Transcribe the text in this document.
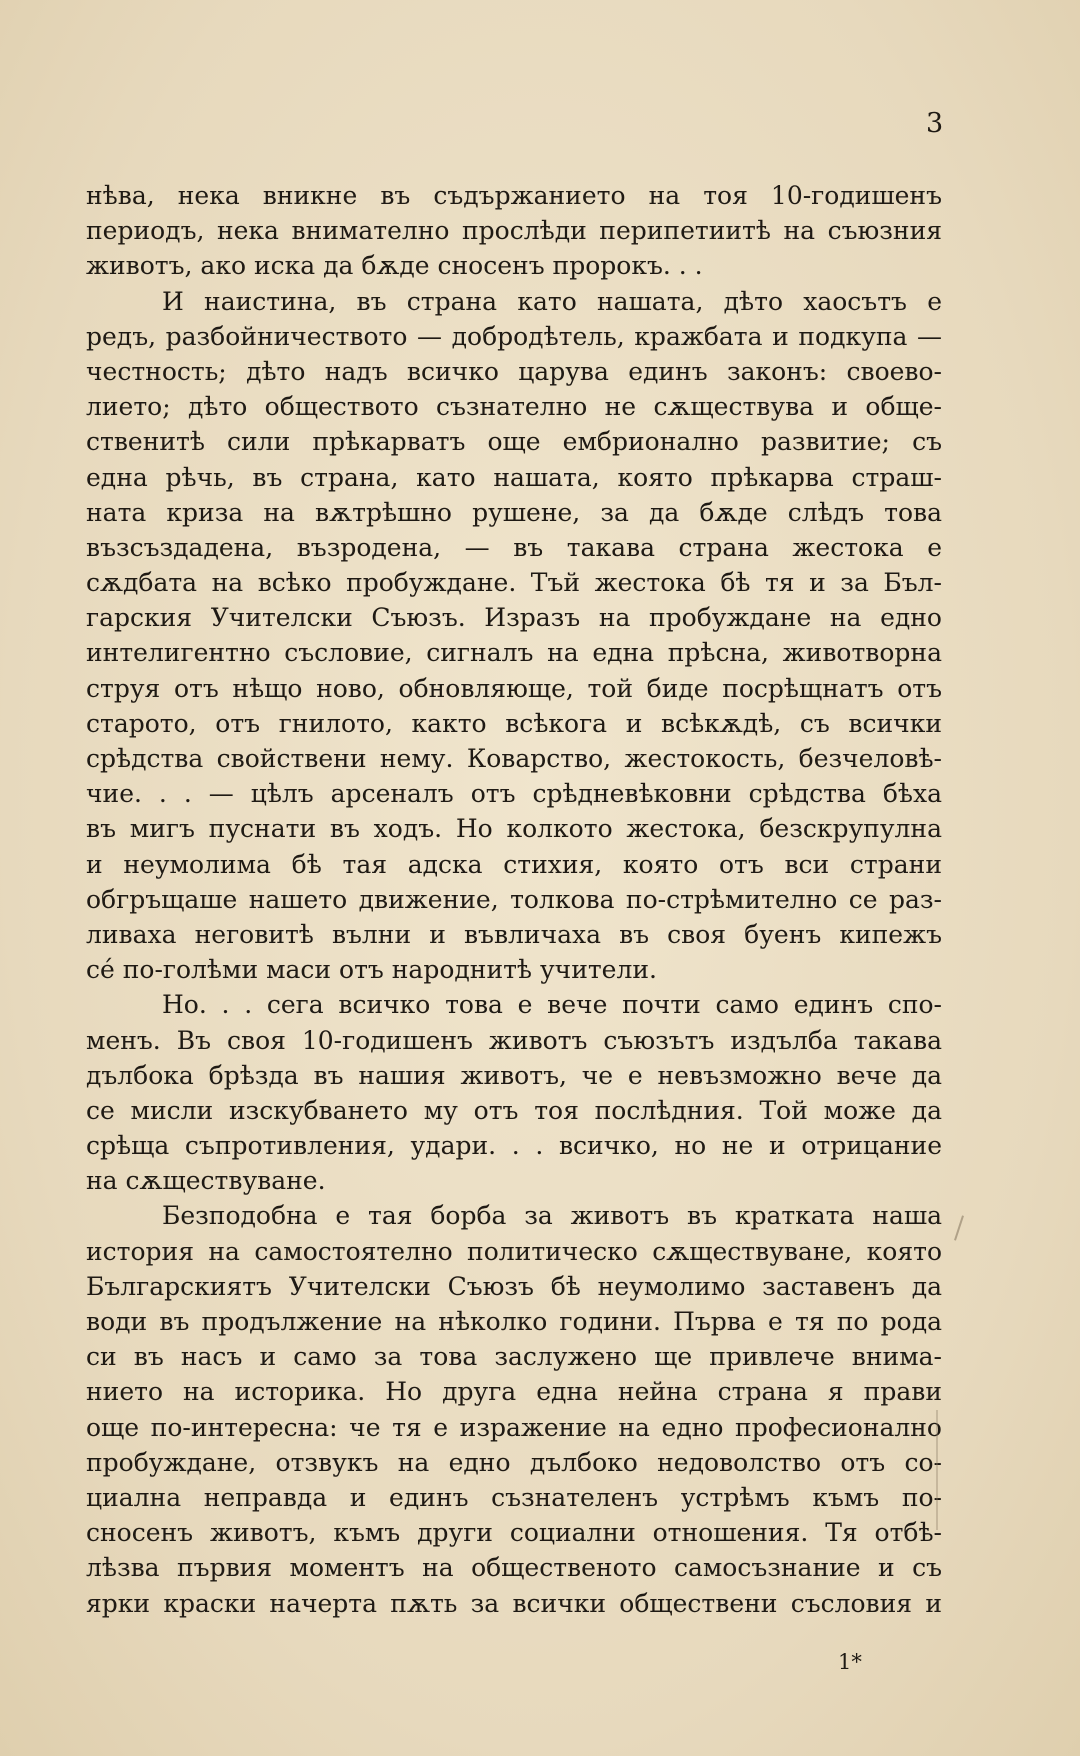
3
нѣва, нека вникне въ съдържанието на тоя 10-годишенъ
периодъ, нека внимателно прослѣди перипетиитѣ на съюзния
животъ, ако иска да бѫде сносенъ пророкъ. . .
И наистина, въ страна като нашата, дѣто хаосътъ е
редъ, разбойничеството — добродѣтель, кражбата и подкупа —
честность; дѣто надъ всичко царува единъ законъ: своево-
лието; дѣто обществото съзнателно не сѫществува и обще-
ственитѣ сили прѣкарватъ още ембрионално развитие; съ
една рѣчь, въ страна, като нашата, която прѣкарва страш-
ната криза на вѫтрѣшно рушене, за да бѫде слѣдъ това
възсъздадена, възродена, — въ такава страна жестока е
сѫдбата на всѣко пробуждане. Тъй жестока бѣ тя и за Бъл-
гарския Учителски Съюзъ. Изразъ на пробуждане на едно
интелигентно съсловие, сигналъ на една прѣсна, животворна
струя отъ нѣщо ново, обновляюще, той биде посрѣщнатъ отъ
старото, отъ гнилото, както всѣкога и всѣкѫдѣ, съ всички
срѣдства свойствени нему. Коварство, жестокость, безчеловѣ-
чие. . . — цѣлъ арсеналъ отъ срѣдневѣковни срѣдства бѣха
въ мигъ пуснати въ ходъ. Но колкото жестока, безскрупулна
и неумолима бѣ тая адска стихия, която отъ вси страни
обгръщаше нашето движение, толкова по-стрѣмително се раз-
ливаха неговитѣ вълни и въвличаха въ своя буенъ кипежъ
сé по-голѣми маси отъ народнитѣ учители.
Но. . . сега всичко това е вече почти само единъ спо-
менъ. Въ своя 10-годишенъ животъ съюзътъ издълба такава
дълбока брѣзда въ нашия животъ, че е невъзможно вече да
се мисли изскубването му отъ тоя послѣдния. Той може да
срѣща съпротивления, удари. . . всичко, но не и отрицание
на сѫществуване.
Безподобна е тая борба за животъ въ кратката наша
история на самостоятелно политическо сѫществуване, която
Българскиятъ Учителски Съюзъ бѣ неумолимо заставенъ да
води въ продължение на нѣколко години. Първа е тя по рода
си въ насъ и само за това заслужено ще привлече внима-
нието на историка. Но друга една нейна страна я прави
още по-интересна: че тя е изражение на едно професионално
пробуждане, отзвукъ на едно дълбоко недоволство отъ со-
циална неправда и единъ съзнателенъ устрѣмъ къмъ по-
сносенъ животъ, къмъ други социални отношения. Тя отбѣ-
лѣзва първия моментъ на общественото самосъзнание и съ
ярки краски начерта пѫть за всички обществени съсловия и
1*
